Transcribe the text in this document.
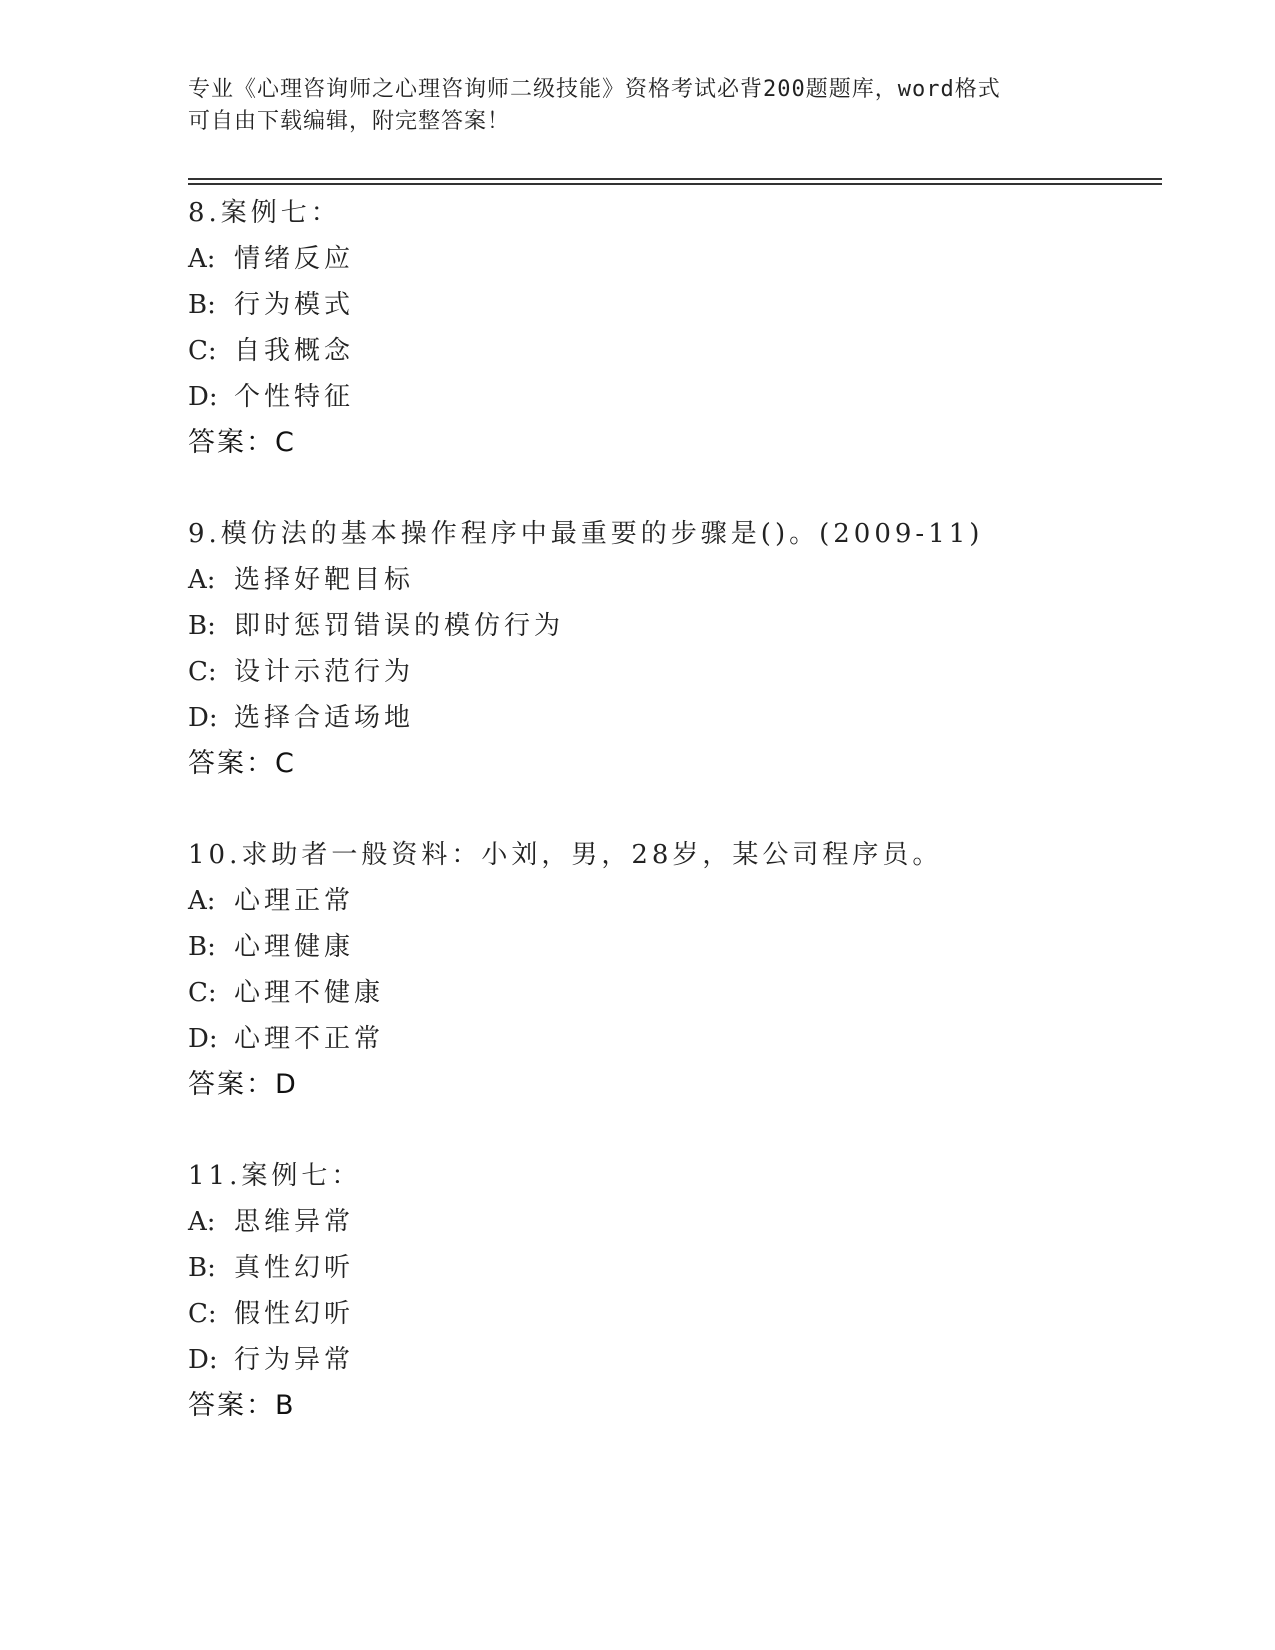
专业《心理咨询师之心理咨询师二级技能》资格考试必背200题题库，word格式
可自由下载编辑，附完整答案！
8.案例七：
A: 情绪反应
B: 行为模式
C: 自我概念
D: 个性特征
答案：C
9.模仿法的基本操作程序中最重要的步骤是()。(2009-11)
A: 选择好靶目标
B: 即时惩罚错误的模仿行为
C: 设计示范行为
D: 选择合适场地
答案：C
10.求助者一般资料：小刘，男，28岁，某公司程序员。
A: 心理正常
B: 心理健康
C: 心理不健康
D: 心理不正常
答案：D
11.案例七：
A: 思维异常
B: 真性幻听
C: 假性幻听
D: 行为异常
答案：B
